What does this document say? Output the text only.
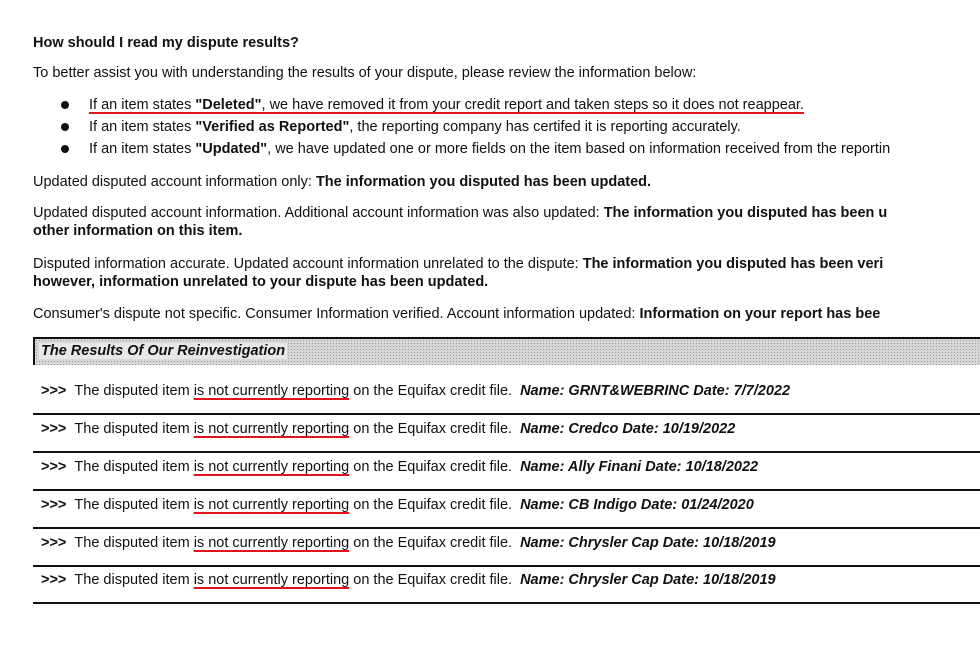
How should I read my dispute results?
To better assist you with understanding the results of your dispute, please review the information below:
If an item states "Deleted", we have removed it from your credit report and taken steps so it does not reappear.
If an item states "Verified as Reported", the reporting company has certifed it is reporting accurately.
If an item states "Updated", we have updated one or more fields on the item based on information received from the reportin
Updated disputed account information only: The information you disputed has been updated.
Updated disputed account information. Additional account information was also updated: The information you disputed has been u
other information on this item.
Disputed information accurate. Updated account information unrelated to the dispute: The information you disputed has been veri
however, information unrelated to your dispute has been updated.
Consumer's dispute not specific. Consumer Information verified. Account information updated: Information on your report has bee
The Results Of Our Reinvestigation
>>> The disputed item is not currently reporting on the Equifax credit file. Name: GRNT&WEBRINC Date: 7/7/2022
>>> The disputed item is not currently reporting on the Equifax credit file. Name: Credco Date: 10/19/2022
>>> The disputed item is not currently reporting on the Equifax credit file. Name: Ally Finani Date: 10/18/2022
>>> The disputed item is not currently reporting on the Equifax credit file. Name: CB Indigo Date: 01/24/2020
>>> The disputed item is not currently reporting on the Equifax credit file. Name: Chrysler Cap Date: 10/18/2019
>>> The disputed item is not currently reporting on the Equifax credit file. Name: Chrysler Cap Date: 10/18/2019
